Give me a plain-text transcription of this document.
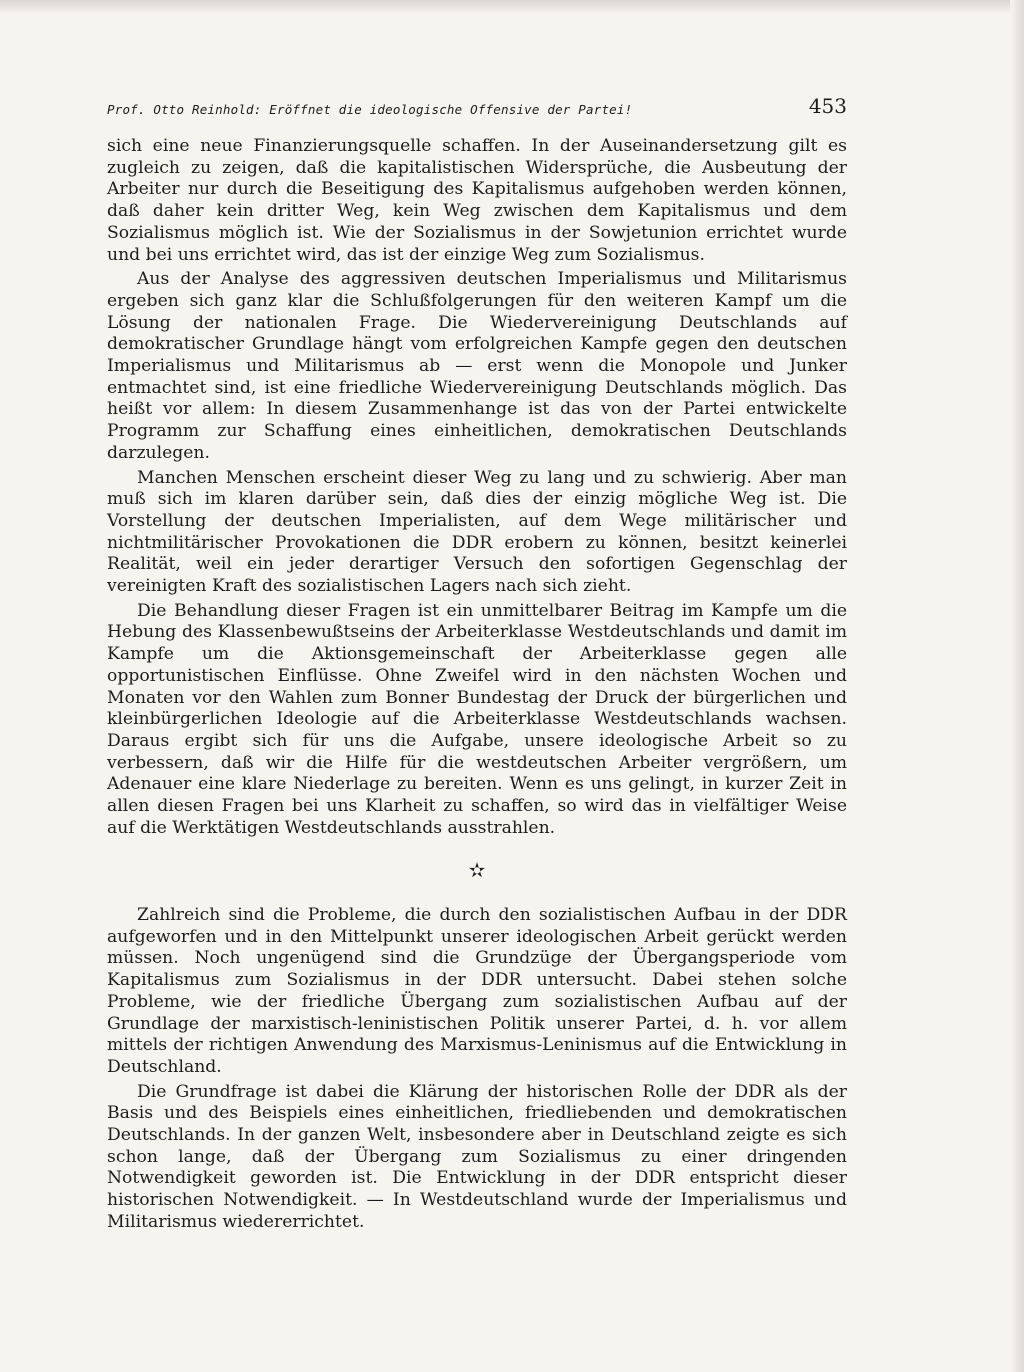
Prof. Otto Reinhold: Eröffnet die ideologische Offensive der Partei!	453

sich eine neue Finanzierungsquelle schaffen. In der Auseinandersetzung gilt es zugleich zu zeigen, daß die kapitalistischen Widersprüche, die Ausbeutung der Arbeiter nur durch die Beseitigung des Kapitalismus aufgehoben werden können, daß daher kein dritter Weg, kein Weg zwischen dem Kapitalismus und dem Sozialismus möglich ist. Wie der Sozialismus in der Sowjetunion errichtet wurde und bei uns errichtet wird, das ist der einzige Weg zum Sozialismus.

Aus der Analyse des aggressiven deutschen Imperialismus und Militarismus ergeben sich ganz klar die Schlußfolgerungen für den weiteren Kampf um die Lösung der nationalen Frage. Die Wiedervereinigung Deutschlands auf demokratischer Grundlage hängt vom erfolgreichen Kampfe gegen den deutschen Imperialismus und Militarismus ab — erst wenn die Monopole und Junker entmachtet sind, ist eine friedliche Wiedervereinigung Deutschlands möglich. Das heißt vor allem: In diesem Zusammenhange ist das von der Partei entwickelte Programm zur Schaffung eines einheitlichen, demokratischen Deutschlands darzulegen.

Manchen Menschen erscheint dieser Weg zu lang und zu schwierig. Aber man muß sich im klaren darüber sein, daß dies der einzig mögliche Weg ist. Die Vorstellung der deutschen Imperialisten, auf dem Wege militärischer und nichtmilitärischer Provokationen die DDR erobern zu können, besitzt keinerlei Realität, weil ein jeder derartiger Versuch den sofortigen Gegenschlag der vereinigten Kraft des sozialistischen Lagers nach sich zieht.

Die Behandlung dieser Fragen ist ein unmittelbarer Beitrag im Kampfe um die Hebung des Klassenbewußtseins der Arbeiterklasse Westdeutschlands und damit im Kampfe um die Aktionsgemeinschaft der Arbeiterklasse gegen alle opportunistischen Einflüsse. Ohne Zweifel wird in den nächsten Wochen und Monaten vor den Wahlen zum Bonner Bundestag der Druck der bürgerlichen und kleinbürgerlichen Ideologie auf die Arbeiterklasse Westdeutschlands wachsen. Daraus ergibt sich für uns die Aufgabe, unsere ideologische Arbeit so zu verbessern, daß wir die Hilfe für die westdeutschen Arbeiter vergrößern, um Adenauer eine klare Niederlage zu bereiten. Wenn es uns gelingt, in kurzer Zeit in allen diesen Fragen bei uns Klarheit zu schaffen, so wird das in vielfältiger Weise auf die Werktätigen Westdeutschlands ausstrahlen.

✫

Zahlreich sind die Probleme, die durch den sozialistischen Aufbau in der DDR aufgeworfen und in den Mittelpunkt unserer ideologischen Arbeit gerückt werden müssen. Noch ungenügend sind die Grundzüge der Übergangsperiode vom Kapitalismus zum Sozialismus in der DDR untersucht. Dabei stehen solche Probleme, wie der friedliche Übergang zum sozialistischen Aufbau auf der Grundlage der marxistisch-leninistischen Politik unserer Partei, d. h. vor allem mittels der richtigen Anwendung des Marxismus-Leninismus auf die Entwicklung in Deutschland.

Die Grundfrage ist dabei die Klärung der historischen Rolle der DDR als der Basis und des Beispiels eines einheitlichen, friedliebenden und demokratischen Deutschlands. In der ganzen Welt, insbesondere aber in Deutschland zeigte es sich schon lange, daß der Übergang zum Sozialismus zu einer dringenden Notwendigkeit geworden ist. Die Entwicklung in der DDR entspricht dieser historischen Notwendigkeit. — In Westdeutschland wurde der Imperialismus und Militarismus wiedererrichtet.
